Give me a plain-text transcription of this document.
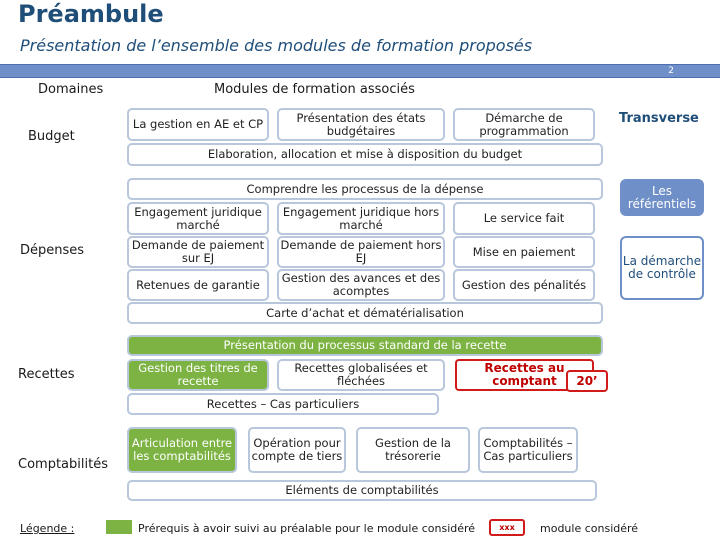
Préambule
Présentation de l’ensemble des modules de formation proposés
2
Domaines	Modules de formation associés
Budget
La gestion en AE et CP	Présentation des états budgétaires
Démarche de programmation
Elaboration, allocation et mise à disposition du budget
Dépenses
Comprendre les processus de la dépense
Engagement juridique marché
Engagement juridique hors marché	Le service fait
Demande de paiement sur EJ
Demande de paiement hors EJ	Mise en paiement
Retenues de garantie	Gestion des avances et des acomptes	Gestion des pénalités
Carte d’achat et dématérialisation
Recettes
Présentation du processus standard de la recette
Gestion des titres de recette
Recettes globalisées et fléchées
Recettes au comptant	20’
Recettes – Cas particuliers
Comptabilités
Articulation entre les comptabilités
Opération pour compte de tiers
Gestion de la trésorerie
Comptabilités – Cas particuliers
Eléments de comptabilités
Transverse
Les référentiels
La démarche de contrôle
Légende :	Prérequis à avoir suivi au préalable pour le module considéré	xxx	module considéré
